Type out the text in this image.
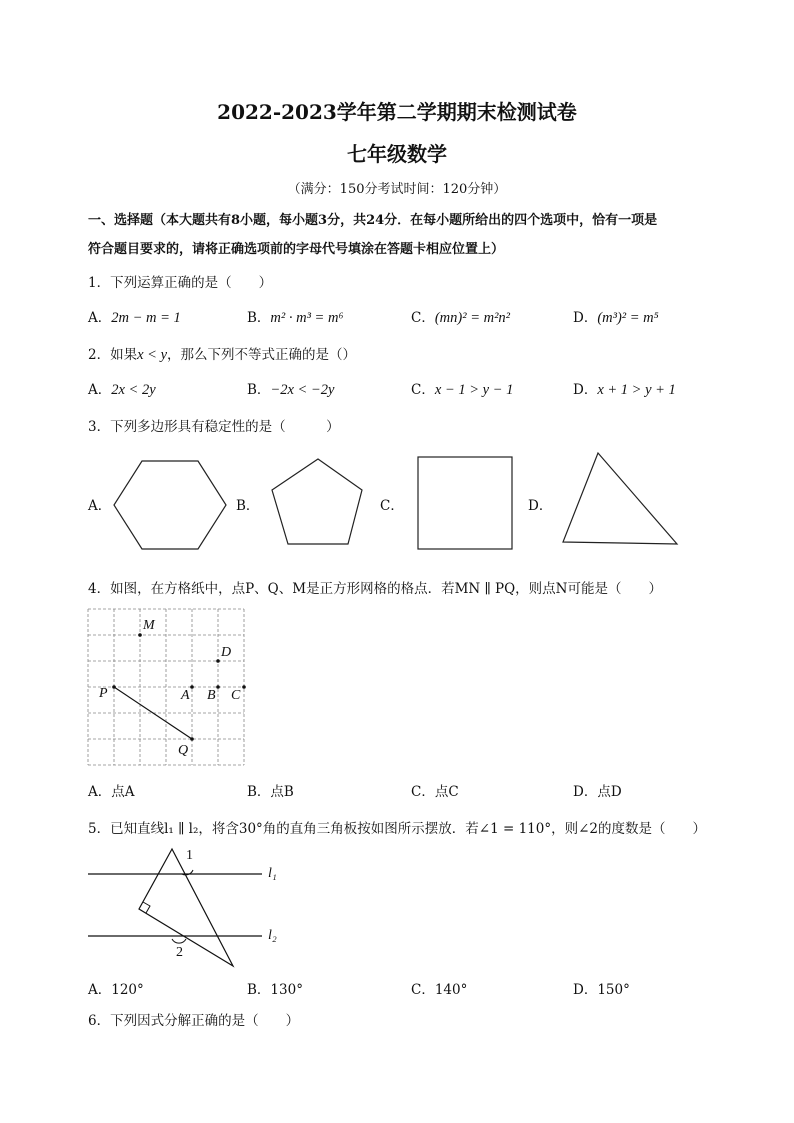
2022-2023学年第二学期期末检测试卷
七年级数学
（满分：150分考试时间：120分钟）
一、选择题（本大题共有8小题，每小题3分，共24分．在每小题所给出的四个选项中，恰有一项是
符合题目要求的，请将正确选项前的字母代号填涂在答题卡相应位置上）
1．下列运算正确的是（　　）
A．2m − m = 1	B．m² · m³ = m⁶	C．(mn)² = m²n²	D．(m³)² = m⁵
2．如果x < y，那么下列不等式正确的是（）
A．2x < 2y	B．−2x < −2y	C．x − 1 > y − 1	D．x + 1 > y + 1
3．下列多边形具有稳定性的是（　　　）
A．	B．	C．	D．
4．如图，在方格纸中，点P、Q、M是正方形网格的格点．若MN ∥ PQ，则点N可能是（　　）
M
D
P	A B C
Q
A．点A	B．点B	C．点C	D．点D
5．已知直线l₁ ∥ l₂，将含30°角的直角三角板按如图所示摆放．若∠1 = 110°，则∠2的度数是（　　）
1
2
l₁
l₂
A．120°	B．130°	C．140°	D．150°
6．下列因式分解正确的是（　　）
